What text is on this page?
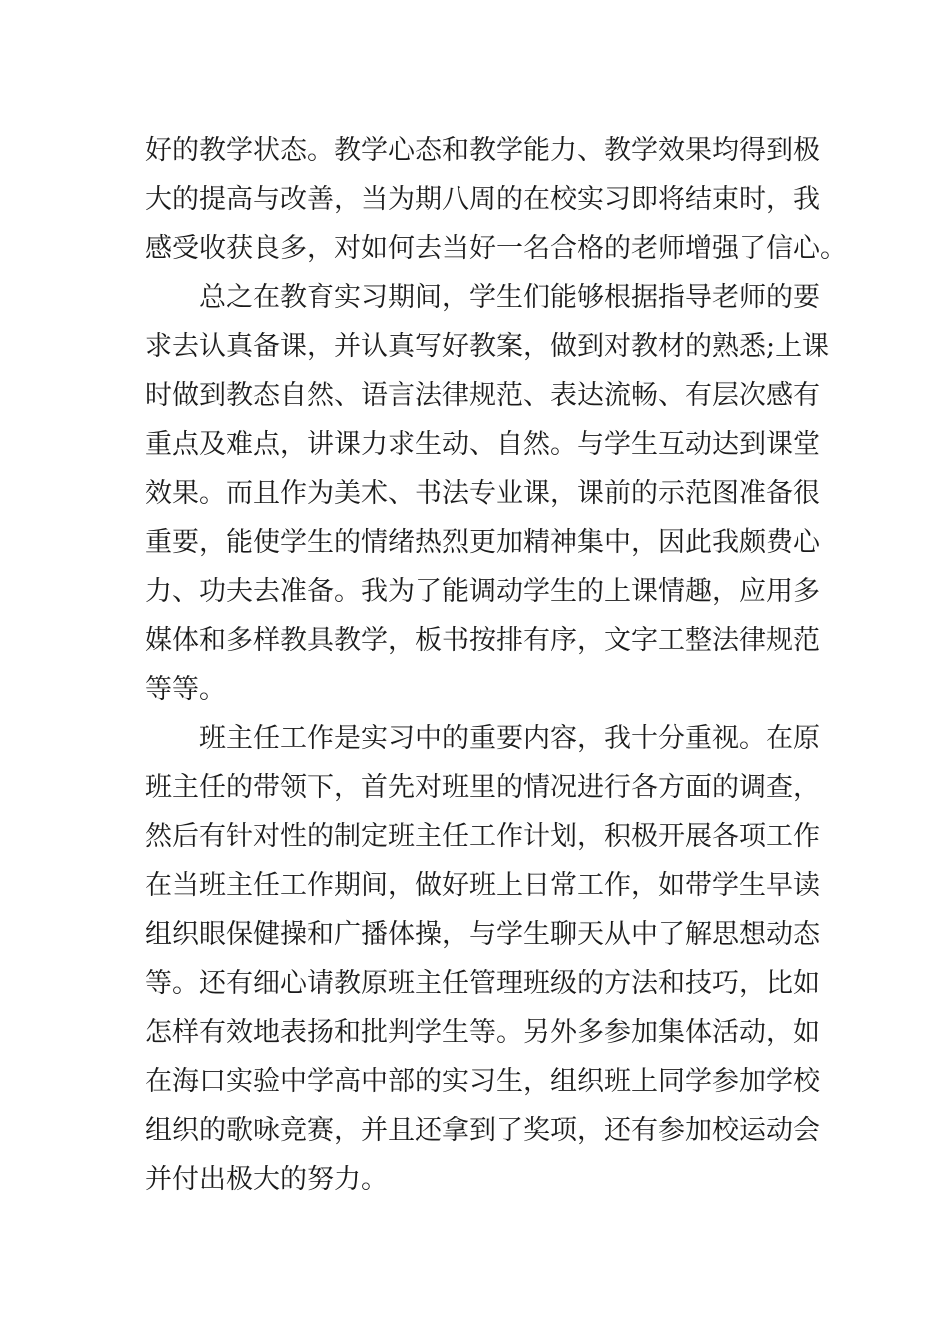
好的教学状态。教学心态和教学能力、教学效果均得到极
大的提高与改善，当为期八周的在校实习即将结束时，我
感受收获良多，对如何去当好一名合格的老师增强了信心。
总之在教育实习期间，学生们能够根据指导老师的要
求去认真备课，并认真写好教案，做到对教材的熟悉;上课
时做到教态自然、语言法律规范、表达流畅、有层次感有
重点及难点，讲课力求生动、自然。与学生互动达到课堂
效果。而且作为美术、书法专业课，课前的示范图准备很
重要，能使学生的情绪热烈更加精神集中，因此我颇费心
力、功夫去准备。我为了能调动学生的上课情趣，应用多
媒体和多样教具教学，板书按排有序，文字工整法律规范
等等。
班主任工作是实习中的重要内容，我十分重视。在原
班主任的带领下，首先对班里的情况进行各方面的调查，
然后有针对性的制定班主任工作计划，积极开展各项工作
在当班主任工作期间，做好班上日常工作，如带学生早读
组织眼保健操和广播体操，与学生聊天从中了解思想动态
等。还有细心请教原班主任管理班级的方法和技巧，比如
怎样有效地表扬和批判学生等。另外多参加集体活动，如
在海口实验中学高中部的实习生，组织班上同学参加学校
组织的歌咏竞赛，并且还拿到了奖项，还有参加校运动会
并付出极大的努力。
